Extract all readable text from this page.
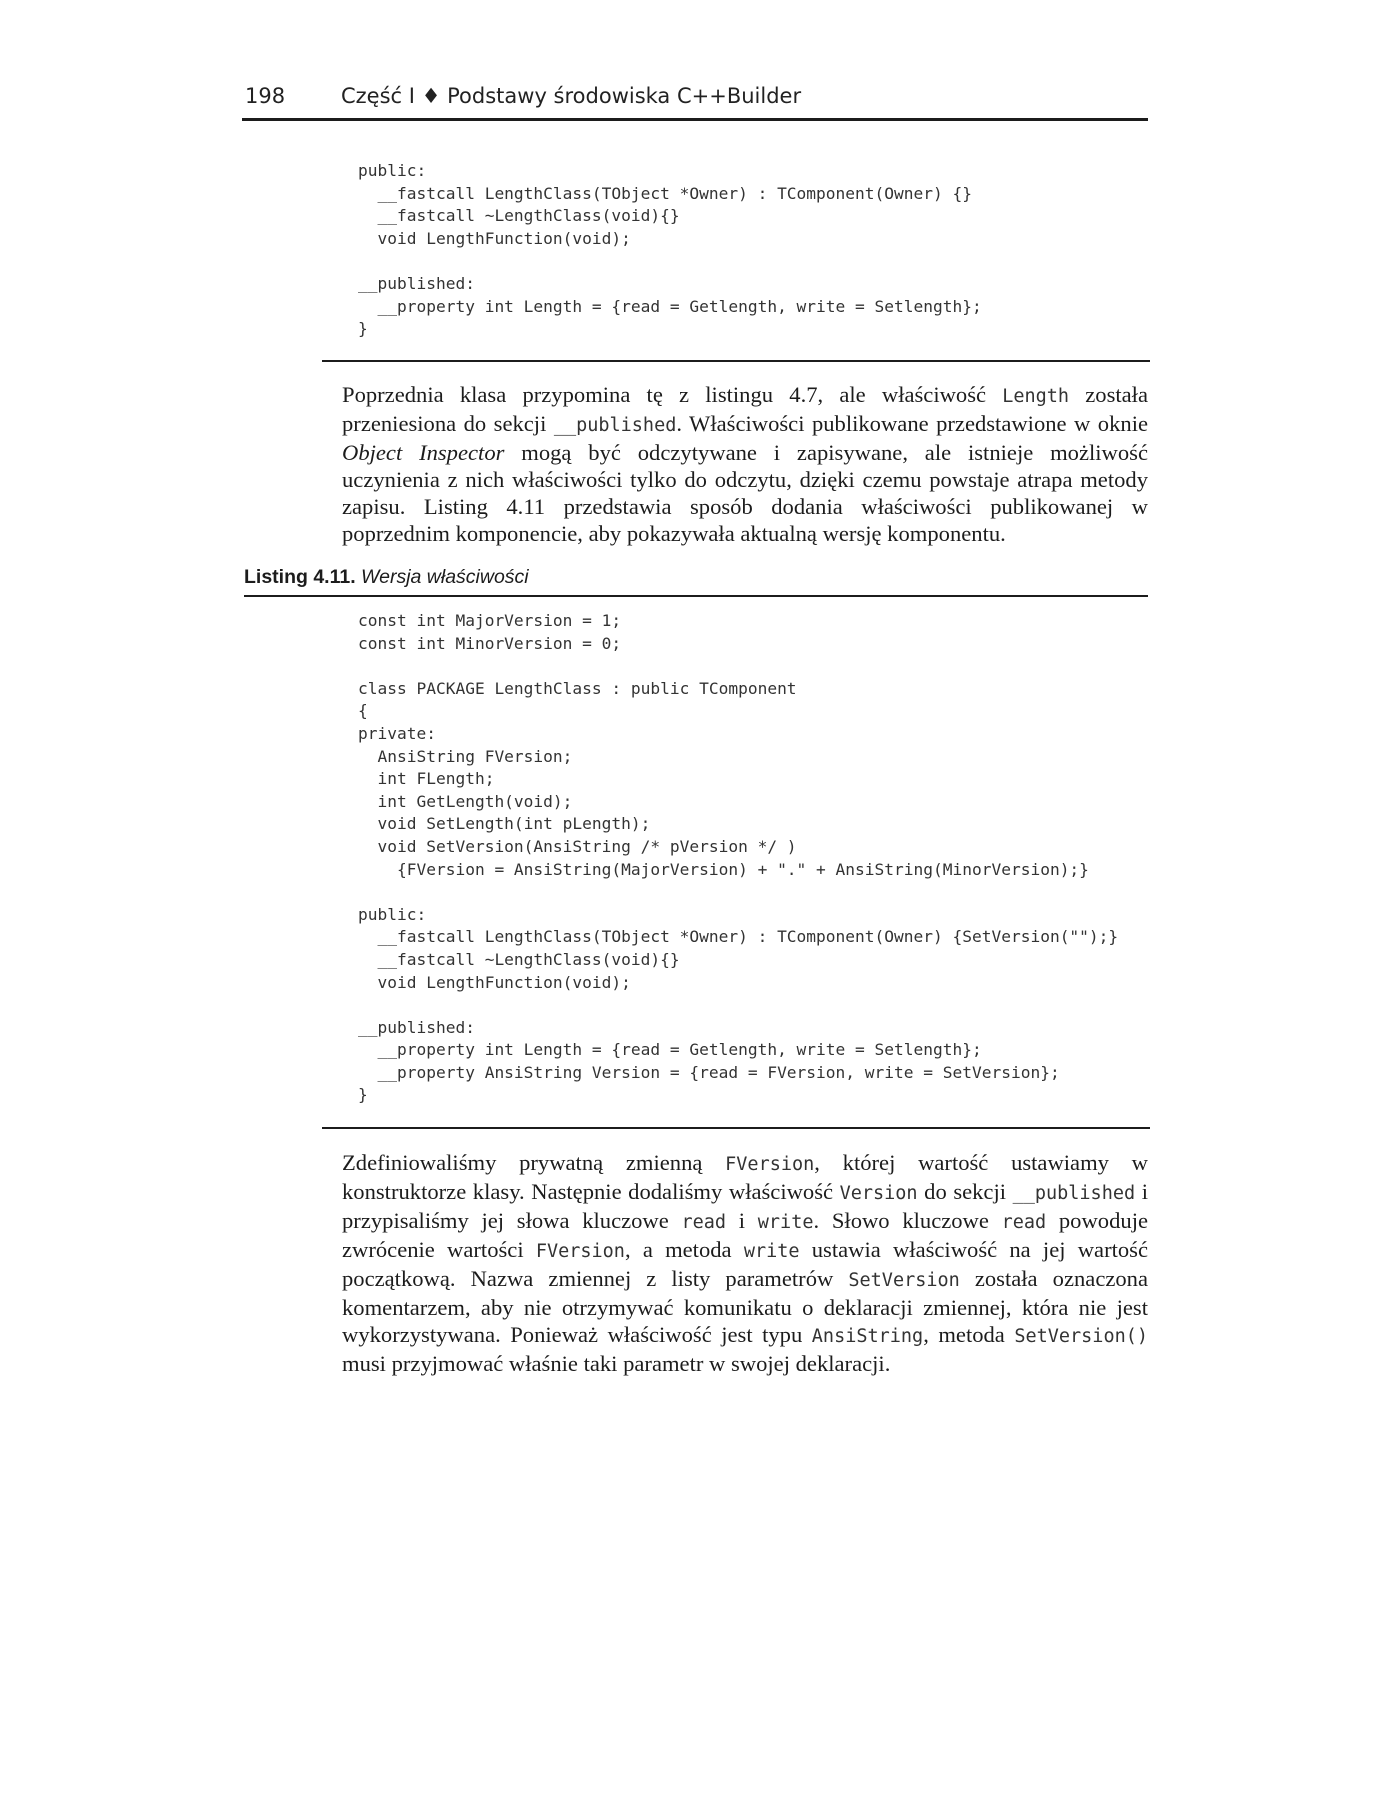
198	Część I ♦ Podstawy środowiska C++Builder
public:
__fastcall LengthClass(TObject *Owner) : TComponent(Owner) {}
__fastcall ~LengthClass(void){}
void LengthFunction(void);

__published:
__property int Length = {read = Getlength, write = Setlength};
}

Poprzednia klasa przypomina tę z listingu 4.7, ale właściwość Length została przeniesiona do sekcji __published. Właściwości publikowane przedstawione w oknie Object Inspector mogą być odczytywane i zapisywane, ale istnieje możliwość uczynienia z nich właściwości tylko do odczytu, dzięki czemu powstaje atrapa metody zapisu. Listing 4.11 przedstawia sposób dodania właściwości publikowanej w poprzednim komponencie, aby pokazywała aktualną wersję komponentu.

Listing 4.11. Wersja właściwości
const int MajorVersion = 1;
const int MinorVersion = 0;

class PACKAGE LengthClass : public TComponent
{
private:
AnsiString FVersion;
int FLength;
int GetLength(void);
void SetLength(int pLength);
void SetVersion(AnsiString /* pVersion */ )
{FVersion = AnsiString(MajorVersion) + "." + AnsiString(MinorVersion);}

public:
__fastcall LengthClass(TObject *Owner) : TComponent(Owner) {SetVersion("");}
__fastcall ~LengthClass(void){}
void LengthFunction(void);

__published:
__property int Length = {read = Getlength, write = Setlength};
__property AnsiString Version = {read = FVersion, write = SetVersion};
}

Zdefiniowaliśmy prywatną zmienną FVersion, której wartość ustawiamy w konstruktorze klasy. Następnie dodaliśmy właściwość Version do sekcji __published i przypisaliśmy jej słowa kluczowe read i write. Słowo kluczowe read powoduje zwrócenie wartości FVersion, a metoda write ustawia właściwość na jej wartość początkową. Nazwa zmiennej z listy parametrów SetVersion została oznaczona komentarzem, aby nie otrzymywać komunikatu o deklaracji zmiennej, która nie jest wykorzystywana. Ponieważ właściwość jest typu AnsiString, metoda SetVersion() musi przyjmować właśnie taki parametr w swojej deklaracji.
